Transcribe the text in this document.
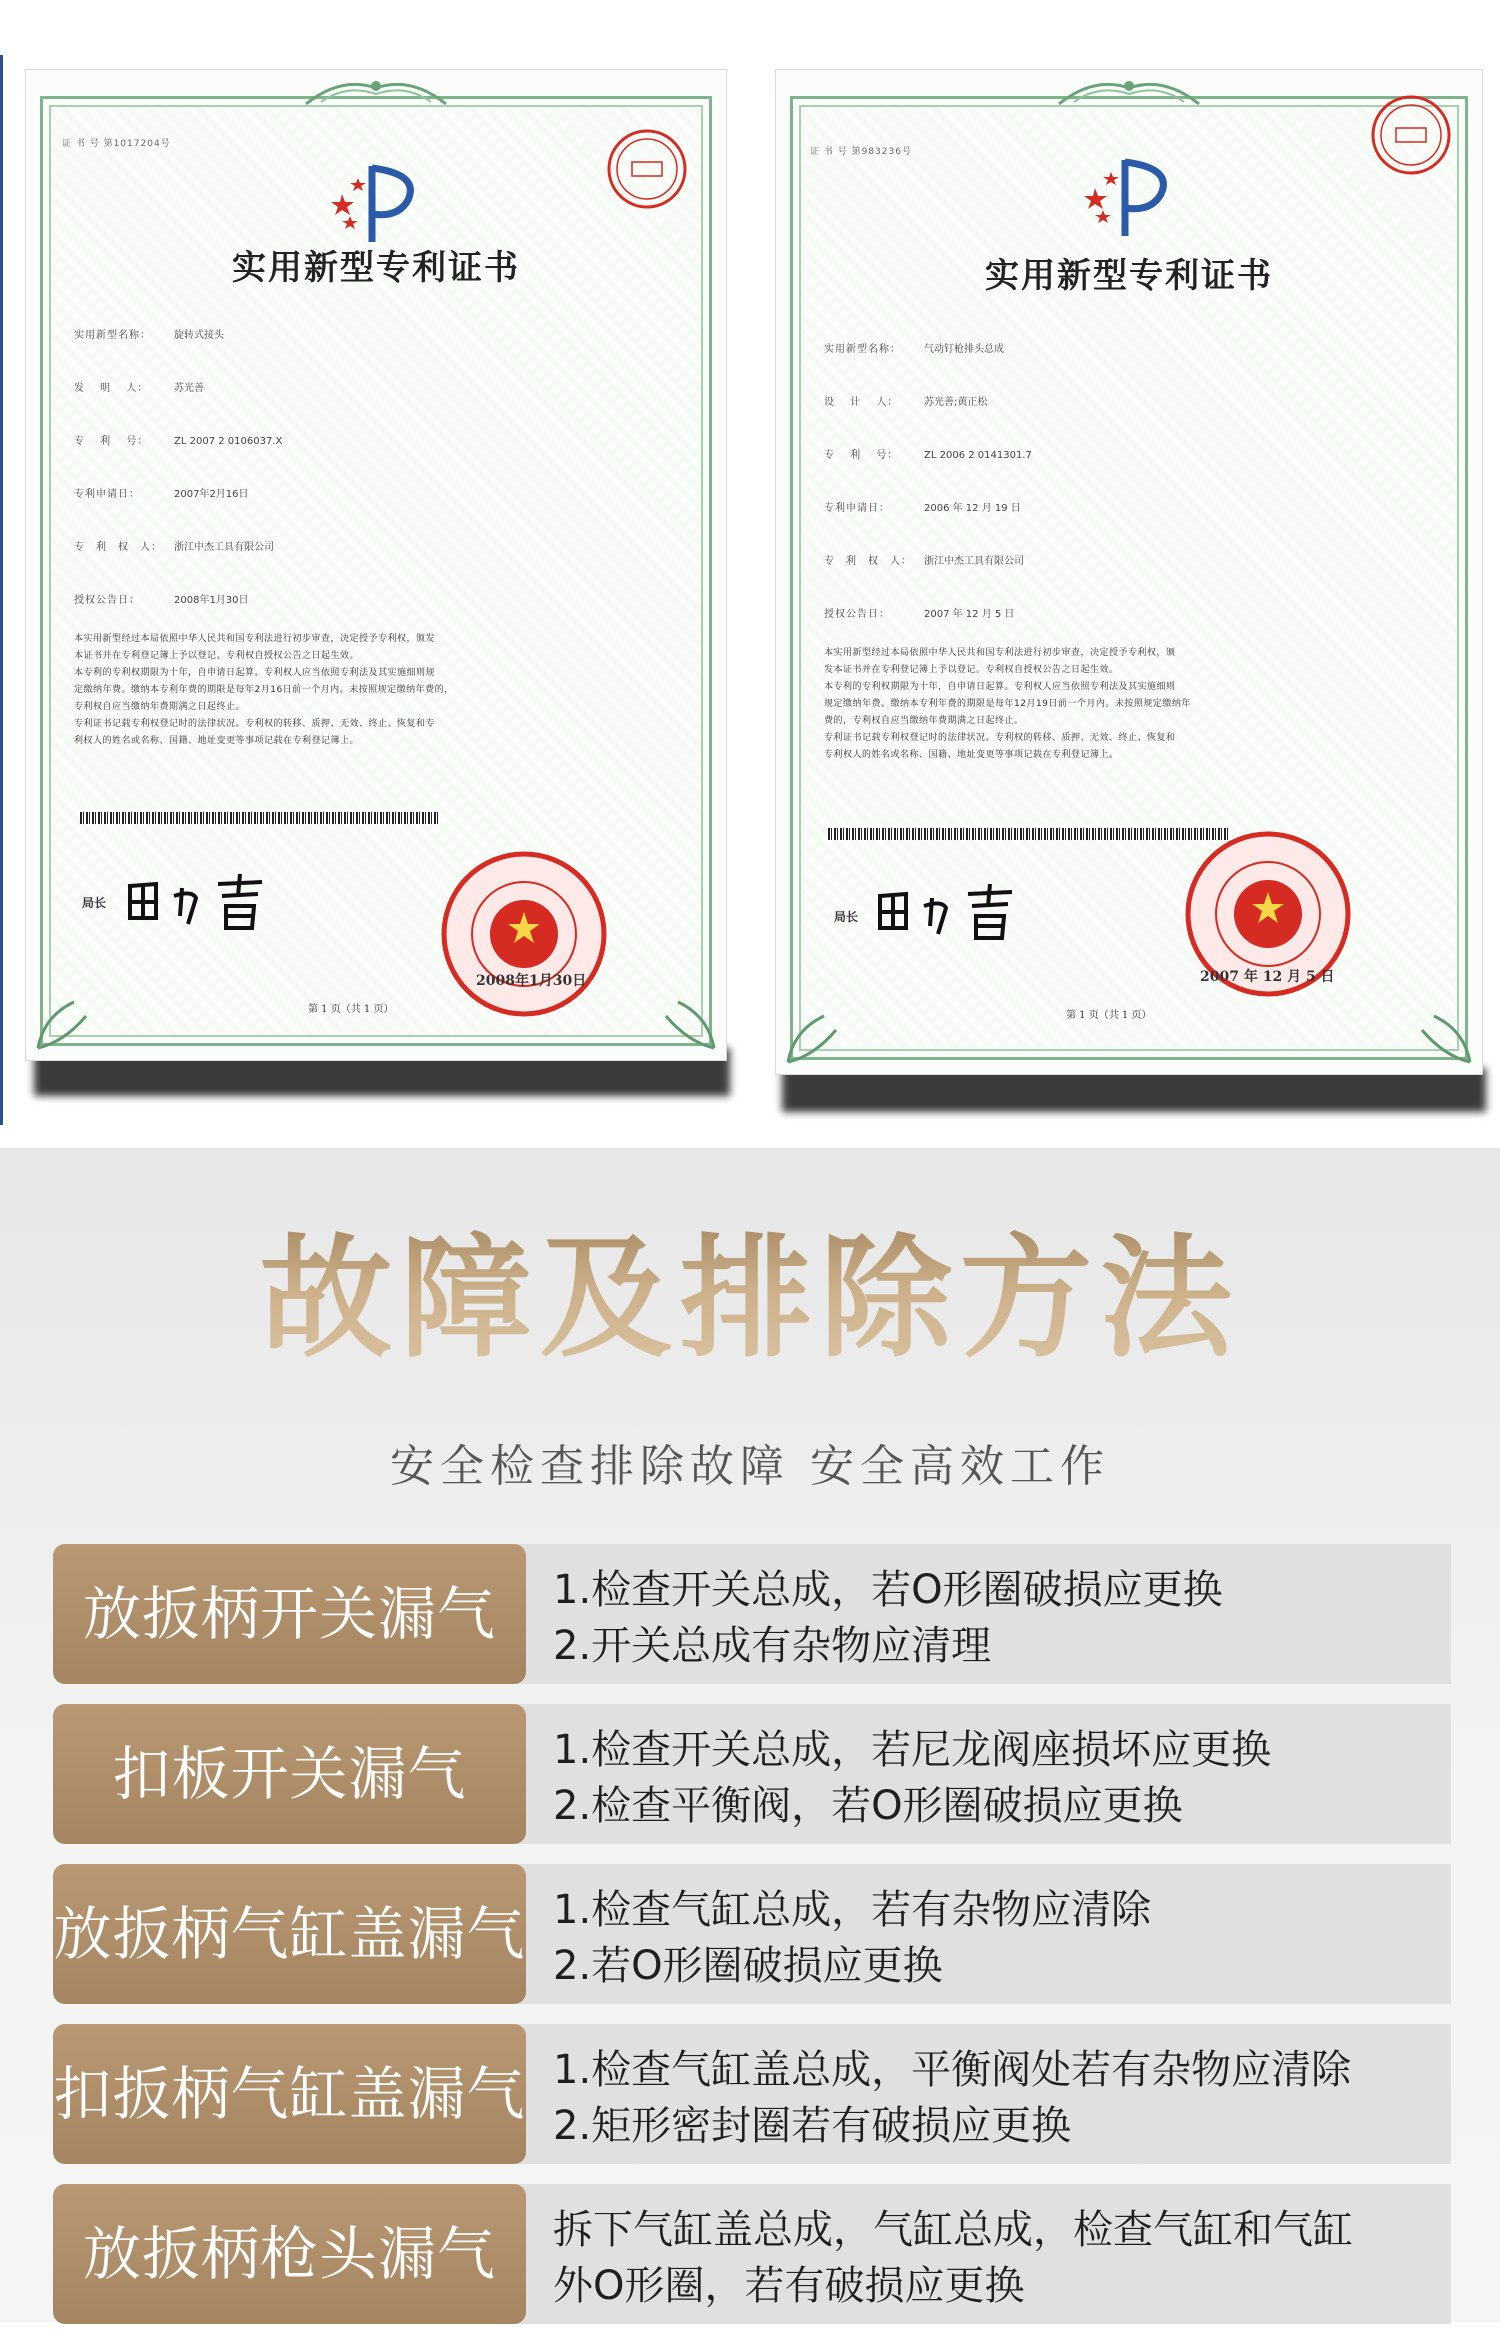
证 书 号 第1017204号
实用新型专利证书
实用新型名称： 旋转式接头
发　 明　 人：	苏光善
专　 利　 号：	ZL 2007 2 0106037.X
专利申请日：	2007年2月16日
专　利　权　人： 浙江中杰工具有限公司
授权公告日：	2008年1月30日
本实用新型经过本局依照中华人民共和国专利法进行初步审查，决定授予专利权，颁发
本证书并在专利登记簿上予以登记。专利权自授权公告之日起生效。
本专利的专利权期限为十年，自申请日起算。专利权人应当依照专利法及其实施细则规
定缴纳年费。缴纳本专利年费的期限是每年2月16日前一个月内。未按照规定缴纳年费的，
专利权自应当缴纳年费期满之日起终止。
专利证书记载专利权登记时的法律状况。专利权的转移、质押、无效、终止、恢复和专
利权人的姓名或名称、国籍、地址变更等事项记载在专利登记簿上。
局长
2008年1月30日
第 1 页（共 1 页）
证 书 号 第983236号
实用新型专利证书
实用新型名称： 气动钉枪排头总成
设　 计　 人：	苏光善;黄正松
专　 利　 号：	ZL 2006 2 0141301.7
专利申请日：	2006 年 12 月 19 日
专　利　权　人： 浙江中杰工具有限公司
授权公告日：	2007 年 12 月 5 日
本实用新型经过本局依照中华人民共和国专利法进行初步审查，决定授予专利权，颁
发本证书并在专利登记簿上予以登记。专利权自授权公告之日起生效。
本专利的专利权期限为十年，自申请日起算。专利权人应当依照专利法及其实施细则
规定缴纳年费。缴纳本专利年费的期限是每年12月19日前一个月内。未按照规定缴纳年
费的，专利权自应当缴纳年费期满之日起终止。
专利证书记载专利权登记时的法律状况。专利权的转移、质押、无效、终止、恢复和
专利权人的姓名或名称、国籍、地址变更等事项记载在专利登记簿上。
局长
2007 年 12 月 5 日
第 1 页（共 1 页）
故障及排除方法
安全检查排除故障 安全高效工作
放扳柄开关漏气	1.检查开关总成，若O形圈破损应更换
2.开关总成有杂物应清理
扣板开关漏气	1.检查开关总成，若尼龙阀座损坏应更换
2.检查平衡阀，若O形圈破损应更换
放扳柄气缸盖漏气 1.检查气缸总成，若有杂物应清除
2.若O形圈破损应更换
扣扳柄气缸盖漏气 1.检查气缸盖总成，平衡阀处若有杂物应清除
2.矩形密封圈若有破损应更换
放扳柄枪头漏气	拆下气缸盖总成，气缸总成，检查气缸和气缸
外O形圈，若有破损应更换
